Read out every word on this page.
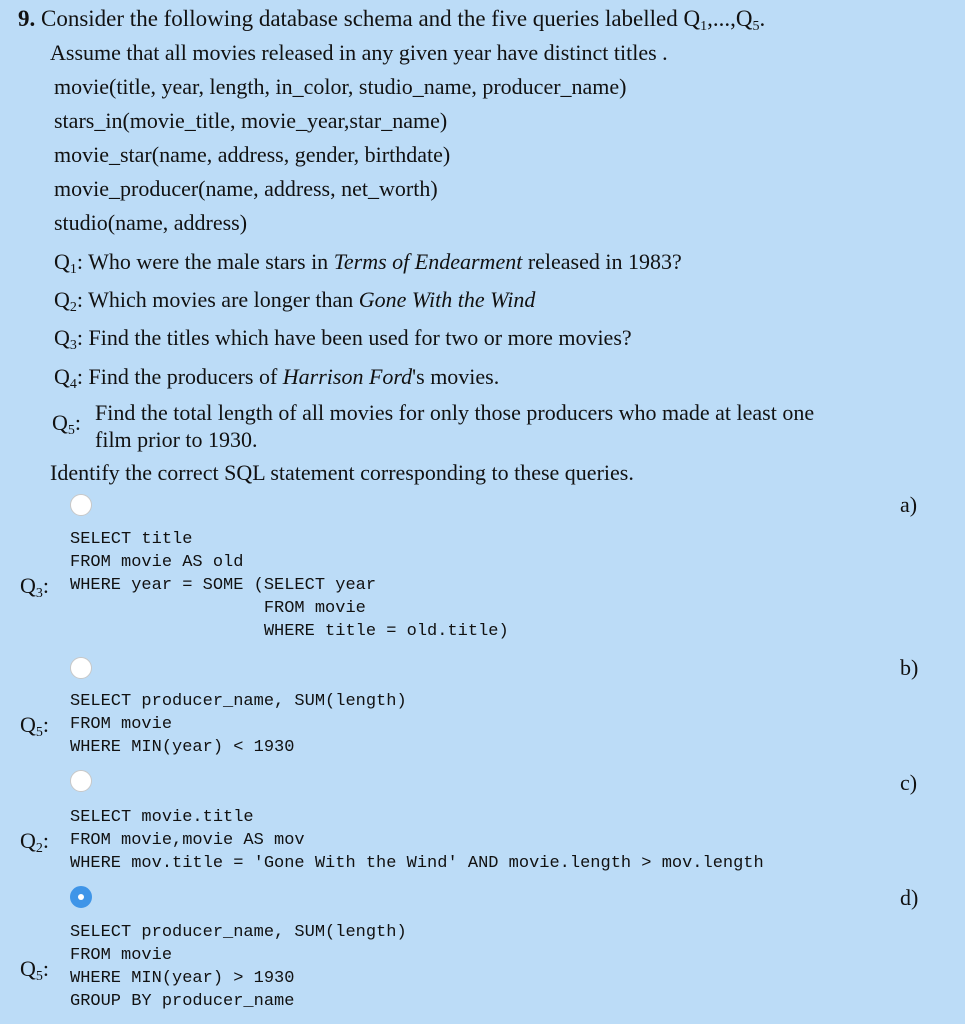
9. Consider the following database schema and the five queries labelled $Q_1,...,Q_5$.
Assume that all movies released in any given year have distinct titles .
movie(title, year, length, in_color, studio_name, producer_name)
stars_in(movie_title, movie_year,star_name)
movie_star(name, address, gender, birthdate)
movie_producer(name, address, net_worth)
studio(name, address)
$Q_1$: Who were the male stars in Terms of Endearment released in 1983?
$Q_2$: Which movies are longer than Gone With the Wind
$Q_3$: Find the titles which have been used for two or more movies?
$Q_4$: Find the producers of Harrison Ford's movies.
$Q_5$: Find the total length of all movies for only those producers who made at least one
film prior to 1930.
Identify the correct SQL statement corresponding to these queries.
a)
$Q_3$:
SELECT title
FROM movie AS old
WHERE year = SOME (SELECT year
FROM movie
WHERE title = old.title)
b)
$Q_5$:
SELECT producer_name, SUM(length)
FROM movie
WHERE MIN(year) < 1930
c)
$Q_2$:
SELECT movie.title
FROM movie,movie AS mov
WHERE mov.title = 'Gone With the Wind' AND movie.length > mov.length
d)
$Q_5$:
SELECT producer_name, SUM(length)
FROM movie
WHERE MIN(year) > 1930
GROUP BY producer_name
